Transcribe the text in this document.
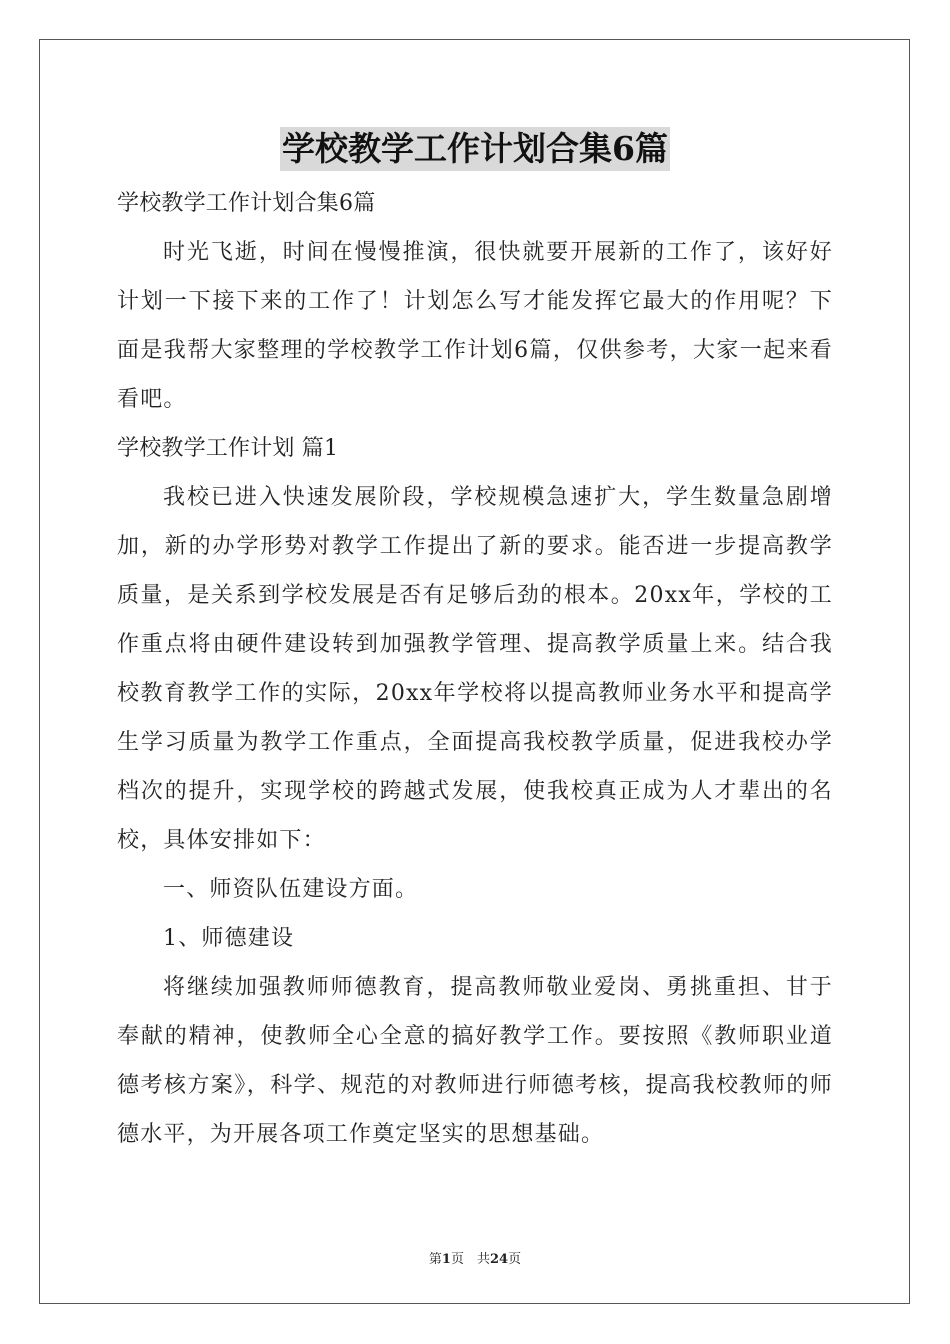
学校教学工作计划合集6篇

学校教学工作计划合集6篇

时光飞逝，时间在慢慢推演，很快就要开展新的工作了，该好好计划一下接下来的工作了！计划怎么写才能发挥它最大的作用呢？下面是我帮大家整理的学校教学工作计划6篇，仅供参考，大家一起来看看吧。

学校教学工作计划 篇1

我校已进入快速发展阶段，学校规模急速扩大，学生数量急剧增加，新的办学形势对教学工作提出了新的要求。能否进一步提高教学质量，是关系到学校发展是否有足够后劲的根本。20xx年，学校的工作重点将由硬件建设转到加强教学管理、提高教学质量上来。结合我校教育教学工作的实际，20xx年学校将以提高教师业务水平和提高学生学习质量为教学工作重点，全面提高我校教学质量，促进我校办学档次的提升，实现学校的跨越式发展，使我校真正成为人才辈出的名校，具体安排如下：

一、师资队伍建设方面。

1、师德建设

将继续加强教师师德教育，提高教师敬业爱岗、勇挑重担、甘于奉献的精神，使教师全心全意的搞好教学工作。要按照《教师职业道德考核方案》，科学、规范的对教师进行师德考核，提高我校教师的师德水平，为开展各项工作奠定坚实的思想基础。

第1页　共24页
